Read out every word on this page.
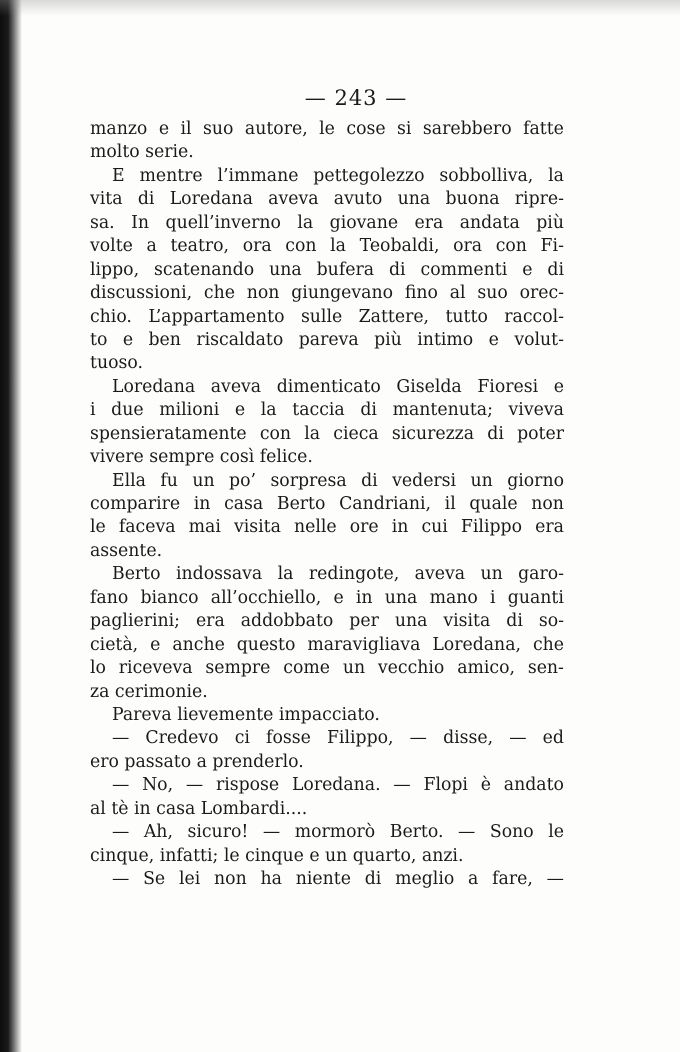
— 243 —
manzo e il suo autore, le cose si sarebbero fatte
molto serie.
E mentre l’immane pettegolezzo sobbolliva, la
vita di Loredana aveva avuto una buona ripre-
sa. In quell’inverno la giovane era andata più
volte a teatro, ora con la Teobaldi, ora con Fi-
lippo, scatenando una bufera di commenti e di
discussioni, che non giungevano fino al suo orec-
chio. L’appartamento sulle Zattere, tutto raccol-
to e ben riscaldato pareva più intimo e volut-
tuoso.
Loredana aveva dimenticato Giselda Fioresi e
i due milioni e la taccia di mantenuta; viveva
spensieratamente con la cieca sicurezza di poter
vivere sempre così felice.
Ella fu un po’ sorpresa di vedersi un giorno
comparire in casa Berto Candriani, il quale non
le faceva mai visita nelle ore in cui Filippo era
assente.
Berto indossava la redingote, aveva un garo-
fano bianco all’occhiello, e in una mano i guanti
paglierini; era addobbato per una visita di so-
cietà, e anche questo maravigliava Loredana, che
lo riceveva sempre come un vecchio amico, sen-
za cerimonie.
Pareva lievemente impacciato.
— Credevo ci fosse Filippo, — disse, — ed
ero passato a prenderlo.
— No, — rispose Loredana. — Flopi è andato
al tè in casa Lombardi....
— Ah, sicuro! — mormorò Berto. — Sono le
cinque, infatti; le cinque e un quarto, anzi.
— Se lei non ha niente di meglio a fare, —
